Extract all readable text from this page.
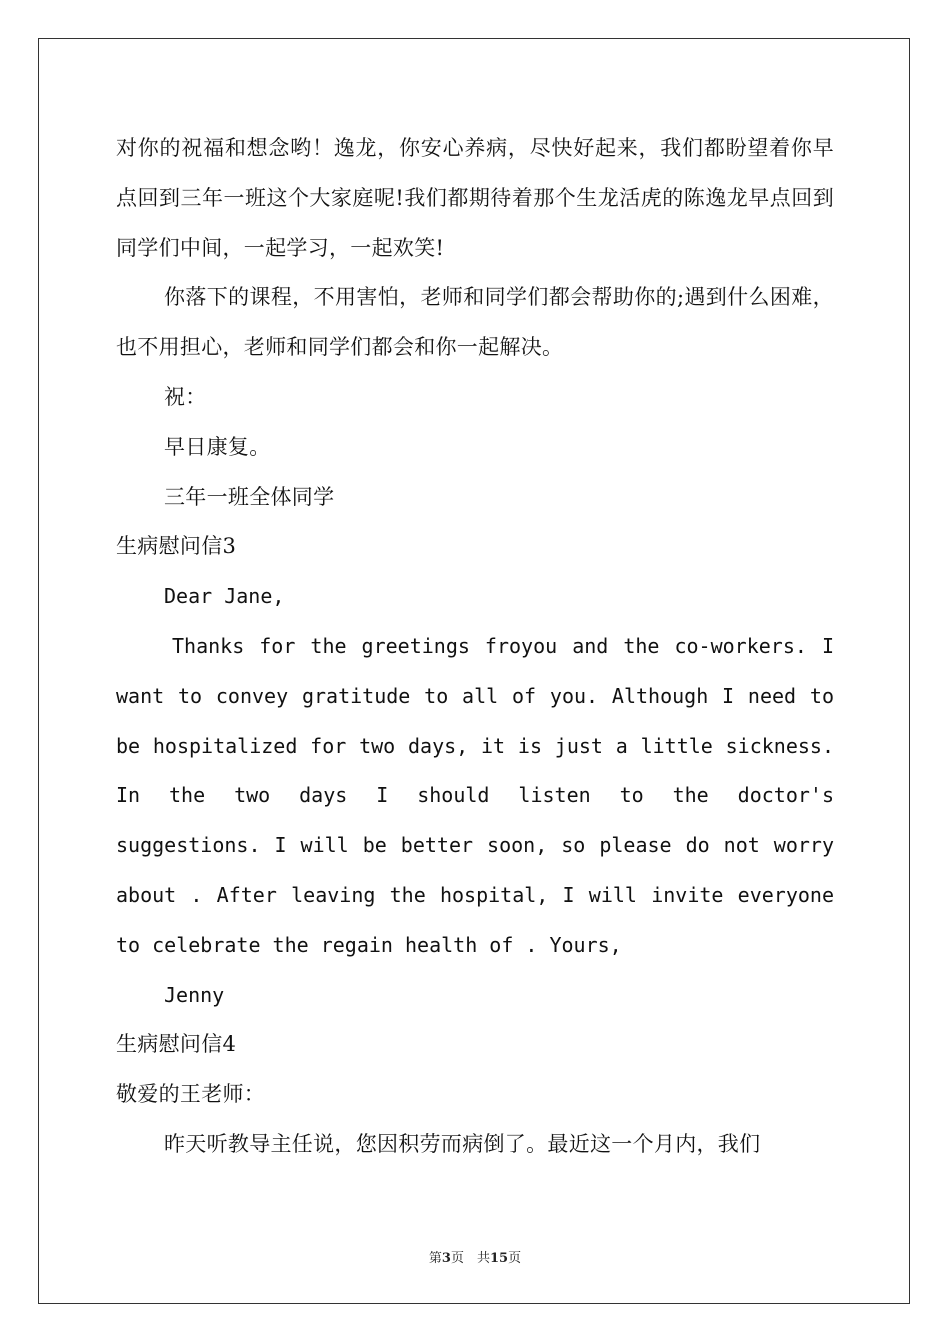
对你的祝福和想念哟！逸龙，你安心养病，尽快好起来，我们都盼望着你早点回到三年一班这个大家庭呢!我们都期待着那个生龙活虎的陈逸龙早点回到同学们中间，一起学习，一起欢笑!

你落下的课程，不用害怕，老师和同学们都会帮助你的;遇到什么困难，也不用担心，老师和同学们都会和你一起解决。

祝：

早日康复。

三年一班全体同学

生病慰问信3

Dear Jane,

Thanks for the greetings froyou and the co-workers. I want to convey gratitude to all of you. Although I need to be hospitalized for two days, it is just a little sickness. In the two days I should listen to the doctor's suggestions. I will be better soon, so please do not worry about . After leaving the hospital, I will invite everyone to celebrate the regain health of . Yours,

Jenny

生病慰问信4

敬爱的王老师：

昨天听教导主任说，您因积劳而病倒了。最近这一个月内，我们

第3页　共15页
